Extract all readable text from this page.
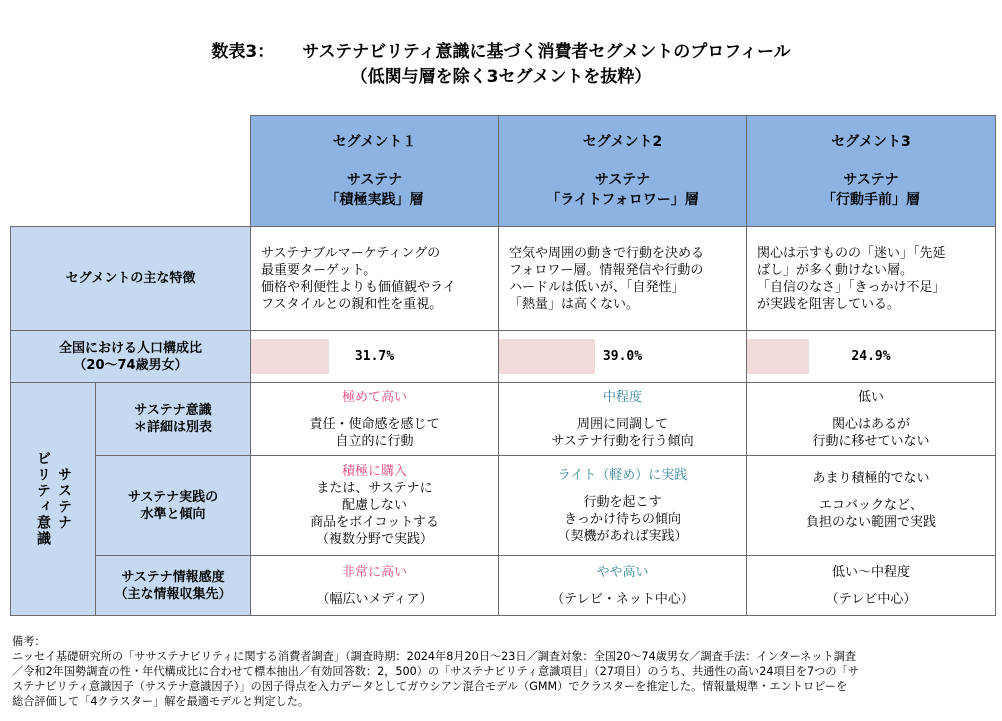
数表3： サステナビリティ意識に基づく消費者セグメントのプロフィール
（低関与層を除く3セグメントを抜粋）

		セグメント１
サステナ
「積極実践」層	セグメント2
サステナ
「ライトフォロワー」層	セグメント3
サステナ
「行動手前」層

セグメントの主な特徴		サステナブルマーケティングの
最重要ターゲット。
価格や利便性よりも価値観やライ
フスタイルとの親和性を重視。	空気や周囲の動きで行動を決める
フォロワー層。情報発信や行動の
ハードルは低いが、「自発性」
「熱量」は高くない。	関心は示すものの「迷い」「先延
ばし」が多く動けない層。
「自信のなさ」「きっかけ不足」
が実践を阻害している。

全国における人口構成比
（20～74歳男女）		31.7%	39.0%	24.9%

ビリティ意識 サステナ	サステナ意識
＊詳細は別表	極めて高い
責任・使命感を感じて
自立的に行動	中程度
周囲に同調して
サステナ行動を行う傾向	低い
関心はあるが
行動に移せていない

	サステナ実践の
水準と傾向	積極に購入
または、サステナに
配慮しない
商品をボイコットする
（複数分野で実践）	ライト（軽め）に実践
行動を起こす
きっかけ待ちの傾向
（契機があれば実践）	あまり積極的でない
エコバックなど、
負担のない範囲で実践

	サステナ情報感度
（主な情報収集先）	非常に高い
（幅広いメディア）	やや高い
（テレビ・ネット中心）	低い～中程度
（テレビ中心）
備考：
ニッセイ基礎研究所の「ササステナビリティに関する消費者調査」（調査時期：2024年8月20日～23日／調査対象：全国20～74歳男女／調査手法：インターネット調査
／令和2年国勢調査の性・年代構成比に合わせて標本抽出／有効回答数：2，500）の「サステナビリティ意識項目」（27項目）のうち、共通性の高い24項目を7つの「サ
ステナビリティ意識因子（サステナ意識因子）」の因子得点を入力データとしてガウシアン混合モデル（GMM）でクラスターを推定した。情報量規準・エントロピーを
総合評価して「4クラスター」解を最適モデルと判定した。
